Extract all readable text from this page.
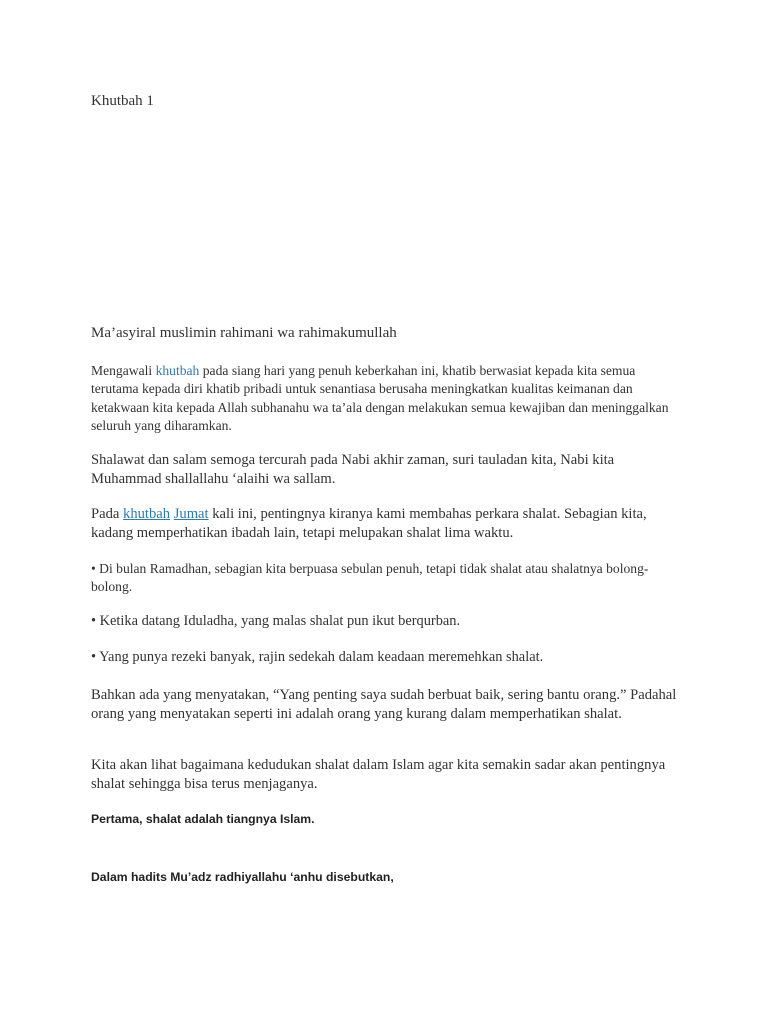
Khutbah 1

Ma’asyiral muslimin rahimani wa rahimakumullah

Mengawali khutbah pada siang hari yang penuh keberkahan ini, khatib berwasiat kepada kita semua terutama kepada diri khatib pribadi untuk senantiasa berusaha meningkatkan kualitas keimanan dan ketakwaan kita kepada Allah subhanahu wa ta’ala dengan melakukan semua kewajiban dan meninggalkan seluruh yang diharamkan.

Shalawat dan salam semoga tercurah pada Nabi akhir zaman, suri tauladan kita, Nabi kita Muhammad shallallahu ‘alaihi wa sallam.

Pada khutbah Jumat kali ini, pentingnya kiranya kami membahas perkara shalat. Sebagian kita, kadang memperhatikan ibadah lain, tetapi melupakan shalat lima waktu.

• Di bulan Ramadhan, sebagian kita berpuasa sebulan penuh, tetapi tidak shalat atau shalatnya bolong-bolong.

• Ketika datang Iduladha, yang malas shalat pun ikut berqurban.

• Yang punya rezeki banyak, rajin sedekah dalam keadaan meremehkan shalat.

Bahkan ada yang menyatakan, “Yang penting saya sudah berbuat baik, sering bantu orang.” Padahal orang yang menyatakan seperti ini adalah orang yang kurang dalam memperhatikan shalat.

Kita akan lihat bagaimana kedudukan shalat dalam Islam agar kita semakin sadar akan pentingnya shalat sehingga bisa terus menjaganya.

Pertama, shalat adalah tiangnya Islam.
Dalam hadits Mu’adz radhiyallahu ‘anhu disebutkan,
